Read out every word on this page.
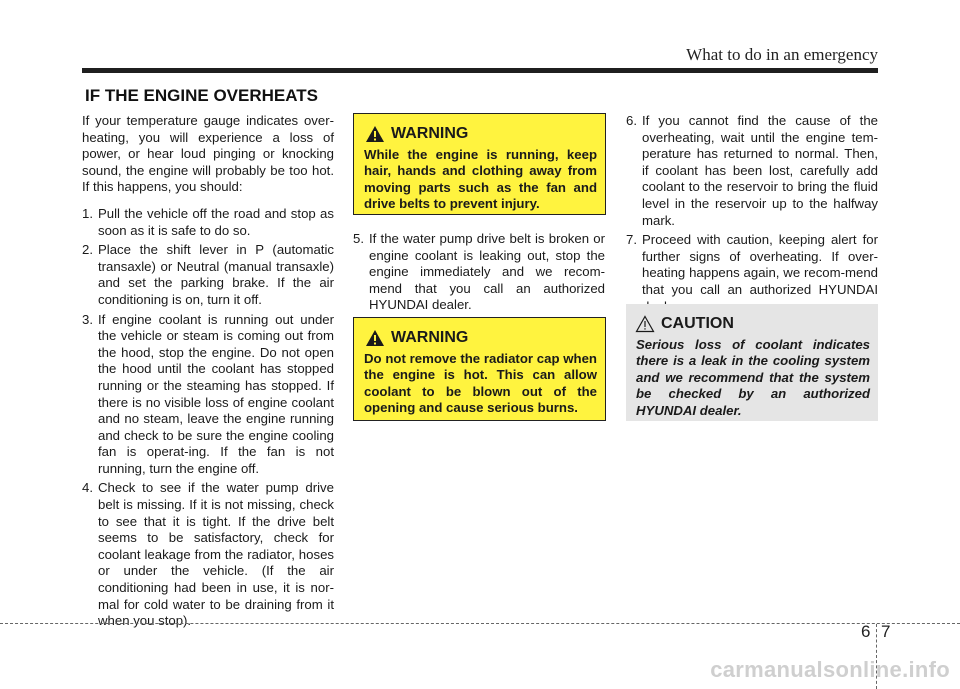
What to do in an emergency
IF THE ENGINE OVERHEATS

If your temperature gauge indicates over-heating, you will experience a loss of power, or hear loud pinging or knocking sound, the engine will probably be too hot. If this happens, you should:

1. Pull the vehicle off the road and stop as soon as it is safe to do so.
2. Place the shift lever in P (automatic transaxle) or Neutral (manual transaxle) and set the parking brake. If the air conditioning is on, turn it off.
3. If engine coolant is running out under the vehicle or steam is coming out from the hood, stop the engine. Do not open the hood until the coolant has stopped running or the steaming has stopped. If there is no visible loss of engine coolant and no steam, leave the engine running and check to be sure the engine cooling fan is operat-ing. If the fan is not running, turn the engine off.
4. Check to see if the water pump drive belt is missing. If it is not missing, check to see that it is tight. If the drive belt seems to be satisfactory, check for coolant leakage from the radiator, hoses or under the vehicle. (If the air conditioning had been in use, it is nor-mal for cold water to be draining from it when you stop).
WARNING
While the engine is running, keep hair, hands and clothing away from moving parts such as the fan and drive belts to prevent injury.
5. If the water pump drive belt is broken or engine coolant is leaking out, stop the engine immediately and we recom-mend that you call an authorized HYUNDAI dealer.
WARNING
Do not remove the radiator cap when the engine is hot. This can allow coolant to be blown out of the opening and cause serious burns.
6. If you cannot find the cause of the overheating, wait until the engine tem-perature has returned to normal. Then, if coolant has been lost, carefully add coolant to the reservoir to bring the fluid level in the reservoir up to the halfway mark.
7. Proceed with caution, keeping alert for further signs of overheating. If over-heating happens again, we recom-mend that you call an authorized HYUNDAI
CAUTION
Serious loss of coolant indicates there is a leak in the cooling system and we recommend that the system be checked by an authorized HYUNDAI dealer.
6 7
carmanualsonline.info
